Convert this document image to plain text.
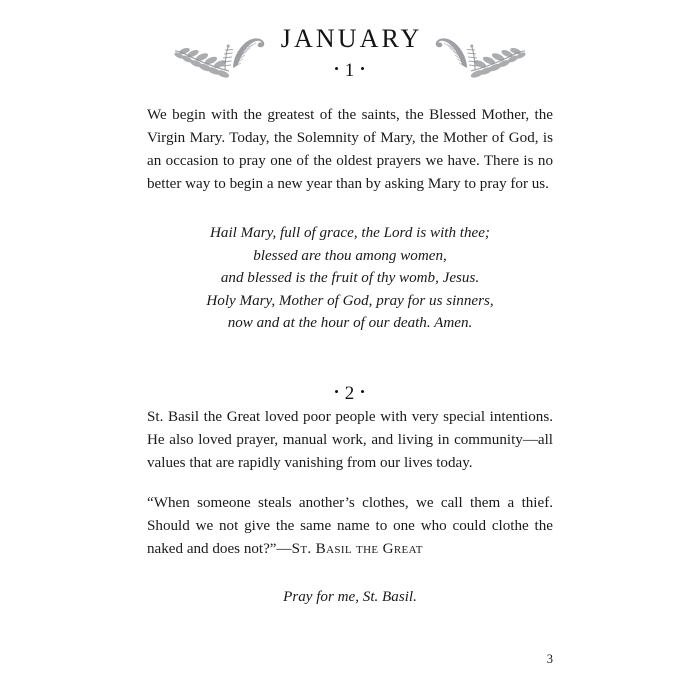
JANUARY
• 1 •

We begin with the greatest of the saints, the Blessed Mother, the Virgin Mary. Today, the Solemnity of Mary, the Mother of God, is an occasion to pray one of the oldest prayers we have. There is no better way to begin a new year than by asking Mary to pray for us.

Hail Mary, full of grace, the Lord is with thee;
blessed are thou among women,
and blessed is the fruit of thy womb, Jesus.
Holy Mary, Mother of God, pray for us sinners,
now and at the hour of our death. Amen.
• 2 •

St. Basil the Great loved poor people with very special intentions. He also loved prayer, manual work, and living in community—all values that are rapidly vanishing from our lives today.

“When someone steals another’s clothes, we call them a thief. Should we not give the same name to one who could clothe the naked and does not?”—St. Basil the Great

Pray for me, St. Basil.

3
